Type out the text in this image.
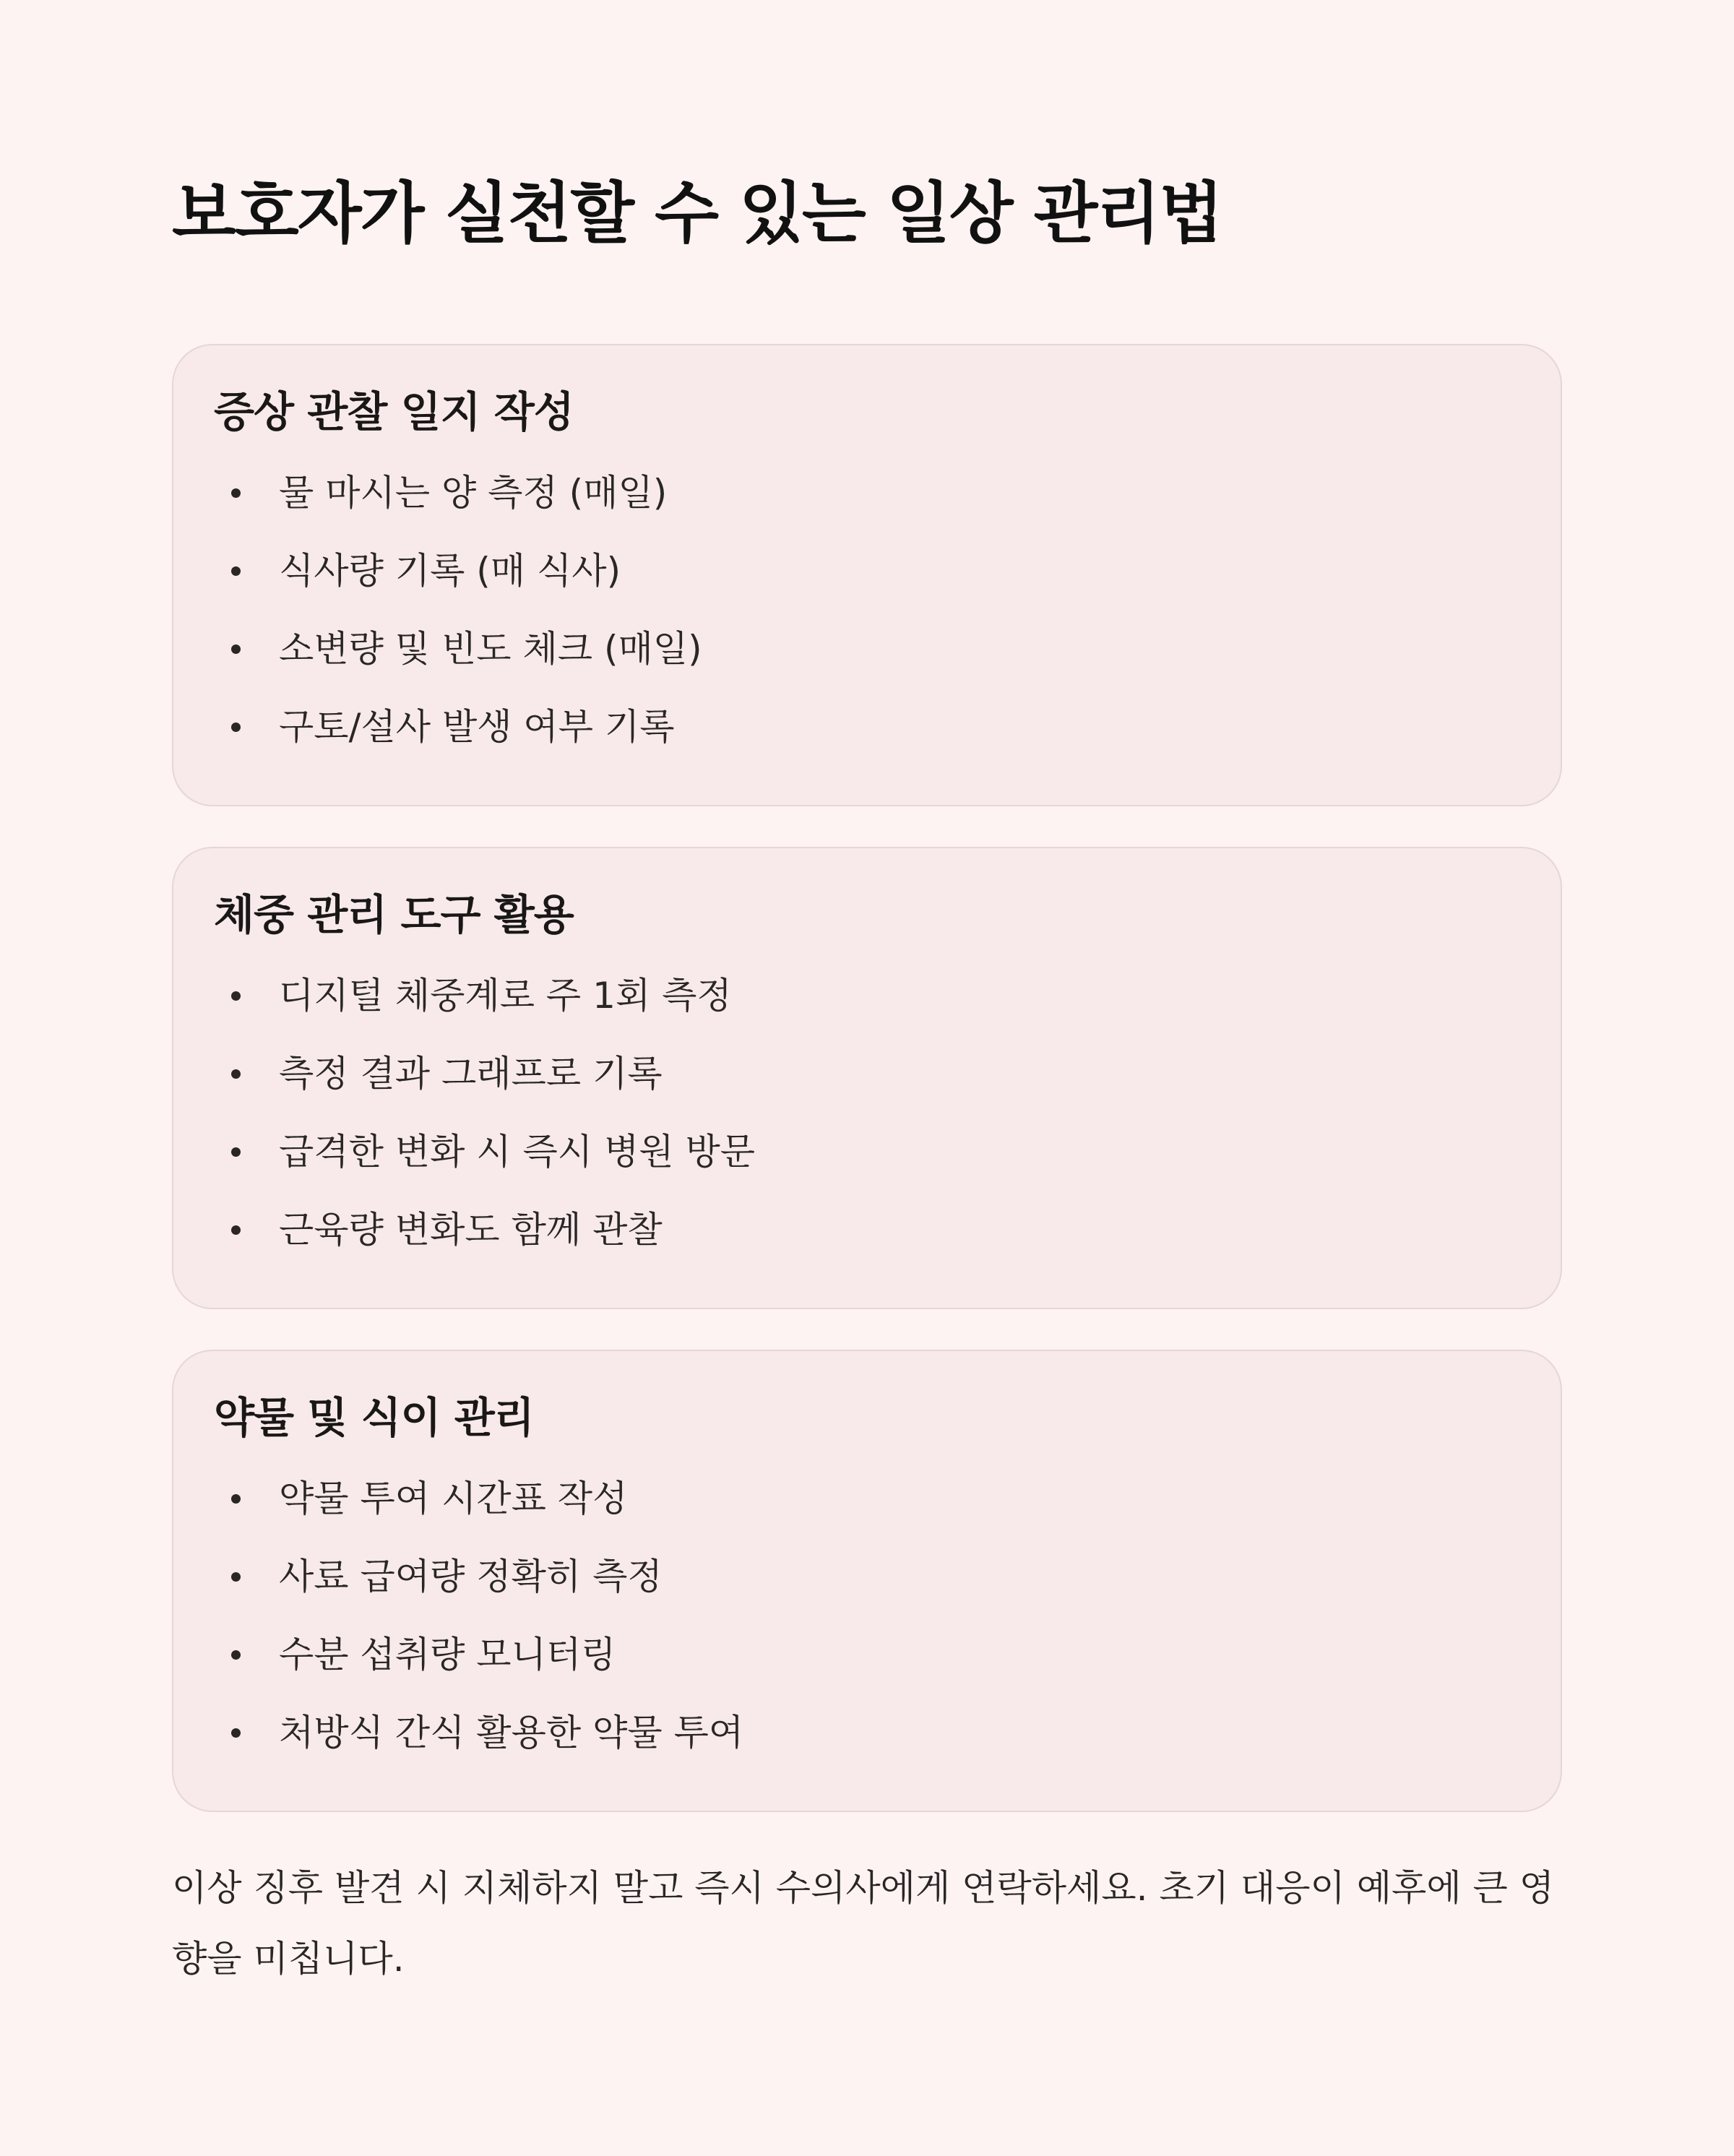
보호자가 실천할 수 있는 일상 관리법
증상 관찰 일지 작성
물 마시는 양 측정 (매일)
식사량 기록 (매 식사)
소변량 및 빈도 체크 (매일)
구토/설사 발생 여부 기록
체중 관리 도구 활용
디지털 체중계로 주 1회 측정
측정 결과 그래프로 기록
급격한 변화 시 즉시 병원 방문
근육량 변화도 함께 관찰
약물 및 식이 관리
약물 투여 시간표 작성
사료 급여량 정확히 측정
수분 섭취량 모니터링
처방식 간식 활용한 약물 투여

이상 징후 발견 시 지체하지 말고 즉시 수의사에게 연락하세요. 초기 대응이 예후에 큰 영향을 미칩니다.
